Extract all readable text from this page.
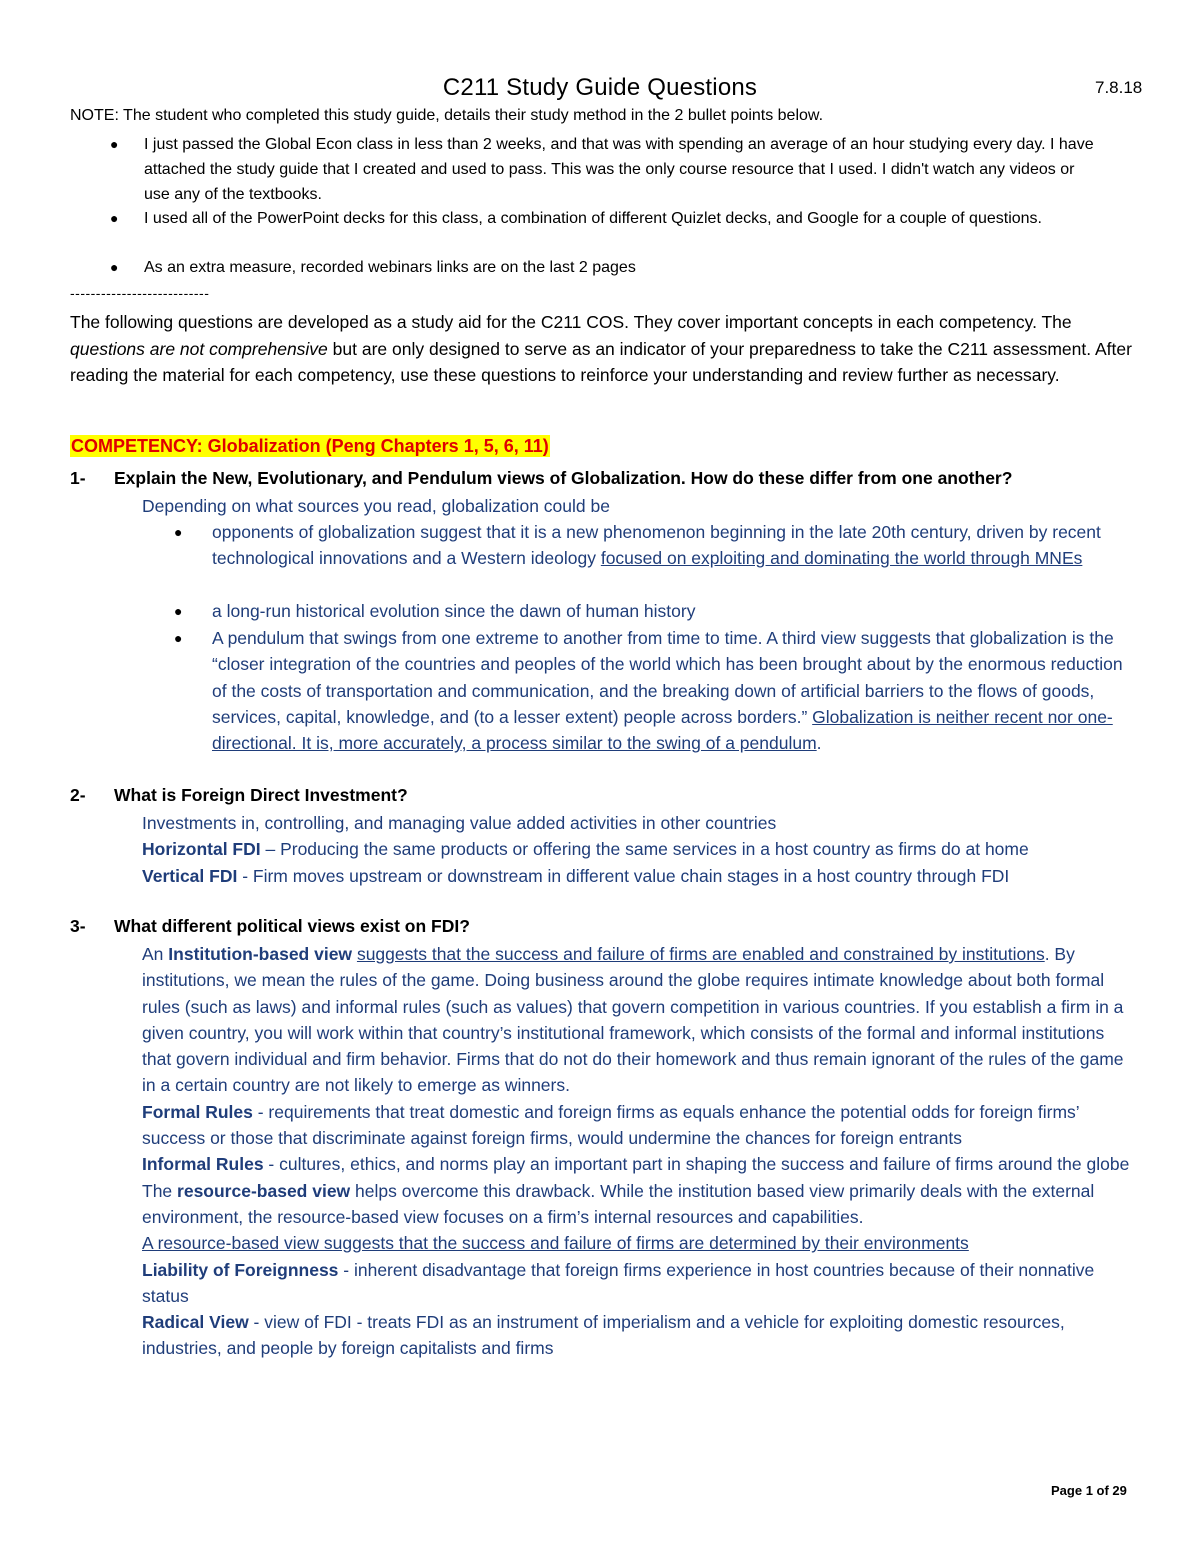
C211 Study Guide Questions	7.8.18
NOTE: The student who completed this study guide, details their study method in the 2 bullet points below.
● I just passed the Global Econ class in less than 2 weeks, and that was with spending an average of an hour studying every day. I have attached the study guide that I created and used to pass. This was the only course resource that I used. I didn't watch any videos or use any of the textbooks.
● I used all of the PowerPoint decks for this class, a combination of different Quizlet decks, and Google for a couple of questions.
● As an extra measure, recorded webinars links are on the last 2 pages
---------------------------
The following questions are developed as a study aid for the C211 COS. They cover important concepts in each competency. The questions are not comprehensive but are only designed to serve as an indicator of your preparedness to take the C211 assessment. After reading the material for each competency, use these questions to reinforce your understanding and review further as necessary.
COMPETENCY: Globalization (Peng Chapters 1, 5, 6, 11)
1- Explain the New, Evolutionary, and Pendulum views of Globalization. How do these differ from one another?
Depending on what sources you read, globalization could be
● opponents of globalization suggest that it is a new phenomenon beginning in the late 20th century, driven by recent technological innovations and a Western ideology focused on exploiting and dominating the world through MNEs
● a long-run historical evolution since the dawn of human history
● A pendulum that swings from one extreme to another from time to time. A third view suggests that globalization is the “closer integration of the countries and peoples of the world which has been brought about by the enormous reduction of the costs of transportation and communication, and the breaking down of artificial barriers to the flows of goods, services, capital, knowledge, and (to a lesser extent) people across borders.” Globalization is neither recent nor one-directional. It is, more accurately, a process similar to the swing of a pendulum.
2- What is Foreign Direct Investment?
Investments in, controlling, and managing value added activities in other countries
Horizontal FDI – Producing the same products or offering the same services in a host country as firms do at home
Vertical FDI - Firm moves upstream or downstream in different value chain stages in a host country through FDI
3- What different political views exist on FDI?
An Institution-based view suggests that the success and failure of firms are enabled and constrained by institutions. By institutions, we mean the rules of the game. Doing business around the globe requires intimate knowledge about both formal rules (such as laws) and informal rules (such as values) that govern competition in various countries. If you establish a firm in a given country, you will work within that country’s institutional framework, which consists of the formal and informal institutions that govern individual and firm behavior. Firms that do not do their homework and thus remain ignorant of the rules of the game in a certain country are not likely to emerge as winners.
Formal Rules - requirements that treat domestic and foreign firms as equals enhance the potential odds for foreign firms’ success or those that discriminate against foreign firms, would undermine the chances for foreign entrants
Informal Rules - cultures, ethics, and norms play an important part in shaping the success and failure of firms around the globe
The resource-based view helps overcome this drawback. While the institution based view primarily deals with the external environment, the resource-based view focuses on a firm’s internal resources and capabilities.
A resource-based view suggests that the success and failure of firms are determined by their environments
Liability of Foreignness - inherent disadvantage that foreign firms experience in host countries because of their nonnative status
Radical View - view of FDI - treats FDI as an instrument of imperialism and a vehicle for exploiting domestic resources, industries, and people by foreign capitalists and firms
Page 1 of 29
